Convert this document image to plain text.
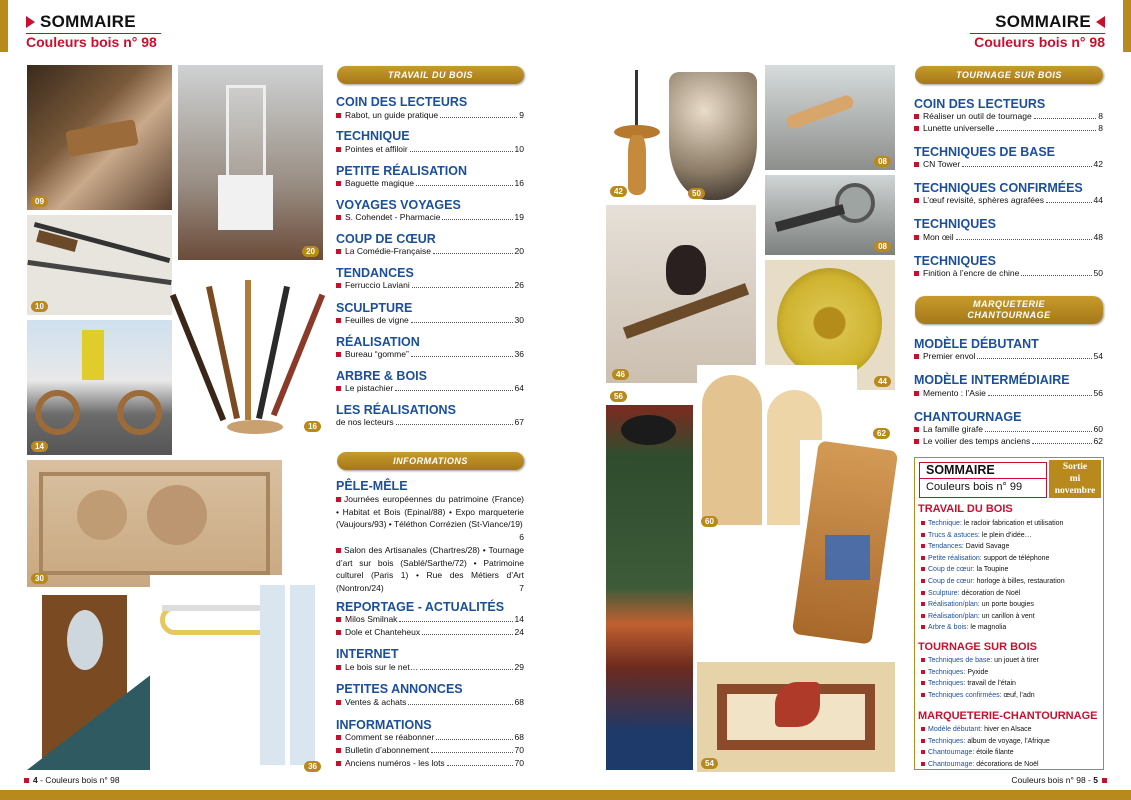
SOMMAIRE
Couleurs bois n° 98
SOMMAIRE
Couleurs bois n° 98
09
20
10
14
16
30
36
TRAVAIL DU BOIS
COIN DES LECTEURS
Rabot, un guide pratique	9
TECHNIQUE
Pointes et affiloir	10
PETITE RÉALISATION
Baguette magique	16
VOYAGES VOYAGES
S. Cohendet - Pharmacie	19
COUP DE CŒUR
La Comédie-Française	20
TENDANCES
Ferruccio Laviani	26
SCULPTURE
Feuilles de vigne	30
RÉALISATION
Bureau “gomme”	36
ARBRE & BOIS
Le pistachier	64
LES RÉALISATIONS
de nos lecteurs	67
INFORMATIONS
PÊLE-MÊLE
Journées européennes du patrimoine (France) • Habitat et Bois (Epinal/88) • Expo marqueterie (Vaujours/93) • Téléthon Corrézien (St-Viance/19)
6
Salon des Artisanales (Chartres/28) • Tournage d’art sur bois (Sablé/Sarthe/72) • Patrimoine culturel (Paris 1) • Rue des Métiers d’Art (Nontron/24)	7
REPORTAGE - ACTUALITÉS
Milos Smilnak	14
Dole et Chanteheux	24
INTERNET
Le bois sur le net…	29
PETITES ANNONCES
Ventes & achats	68
INFORMATIONS
Comment se réabonner	68
Bulletin d’abonnement	70
Anciens numéros - les lots	70
42	50
08
08
46
44
56
60
62
54
TOURNAGE SUR BOIS
COIN DES LECTEURS
Réaliser un outil de tournage	8
Lunette universelle	8
TECHNIQUES DE BASE
CN Tower	42
TECHNIQUES CONFIRMÉES
L’œuf revisité, sphères agrafées	44
TECHNIQUES
Mon œil	48
TECHNIQUES
Finition à l’encre de chine	50
MARQUETERIE
CHANTOURNAGE
MODÈLE DÉBUTANT
Premier envol	54
MODÈLE INTERMÉDIAIRE
Memento : l’Asie	56
CHANTOURNAGE
La famille girafe	60
Le voilier des temps anciens	62
SOMMAIRE
Couleurs bois n° 99
Sortie
mi
novembre
TRAVAIL DU BOIS
Technique: le racloir fabrication et utilisation
Trucs & astuces: le plein d’idée…
Tendances: David Savage
Petite réalisation: support de téléphone
Coup de cœur: la Toupine
Coup de cœur: horloge à billes, restauration
Sculpture: décoration de Noël
Réalisation/plan: un porte bougies
Réalisation/plan: un carillon à vent
Arbre & bois: le magnolia
TOURNAGE SUR BOIS
Techniques de base: un jouet à tirer
Techniques: Pyxide
Techniques: travail de l’étain
Techniques confirmées: œuf, l’adn
MARQUETERIE-CHANTOURNAGE
Modèle débutant: hiver en Alsace
Techniques: album de voyage, l’Afrique
Chantournage: étoile filante
Chantournage: décorations de Noël
4
- Couleurs bois n° 98	Couleurs bois n° 98 -
5
